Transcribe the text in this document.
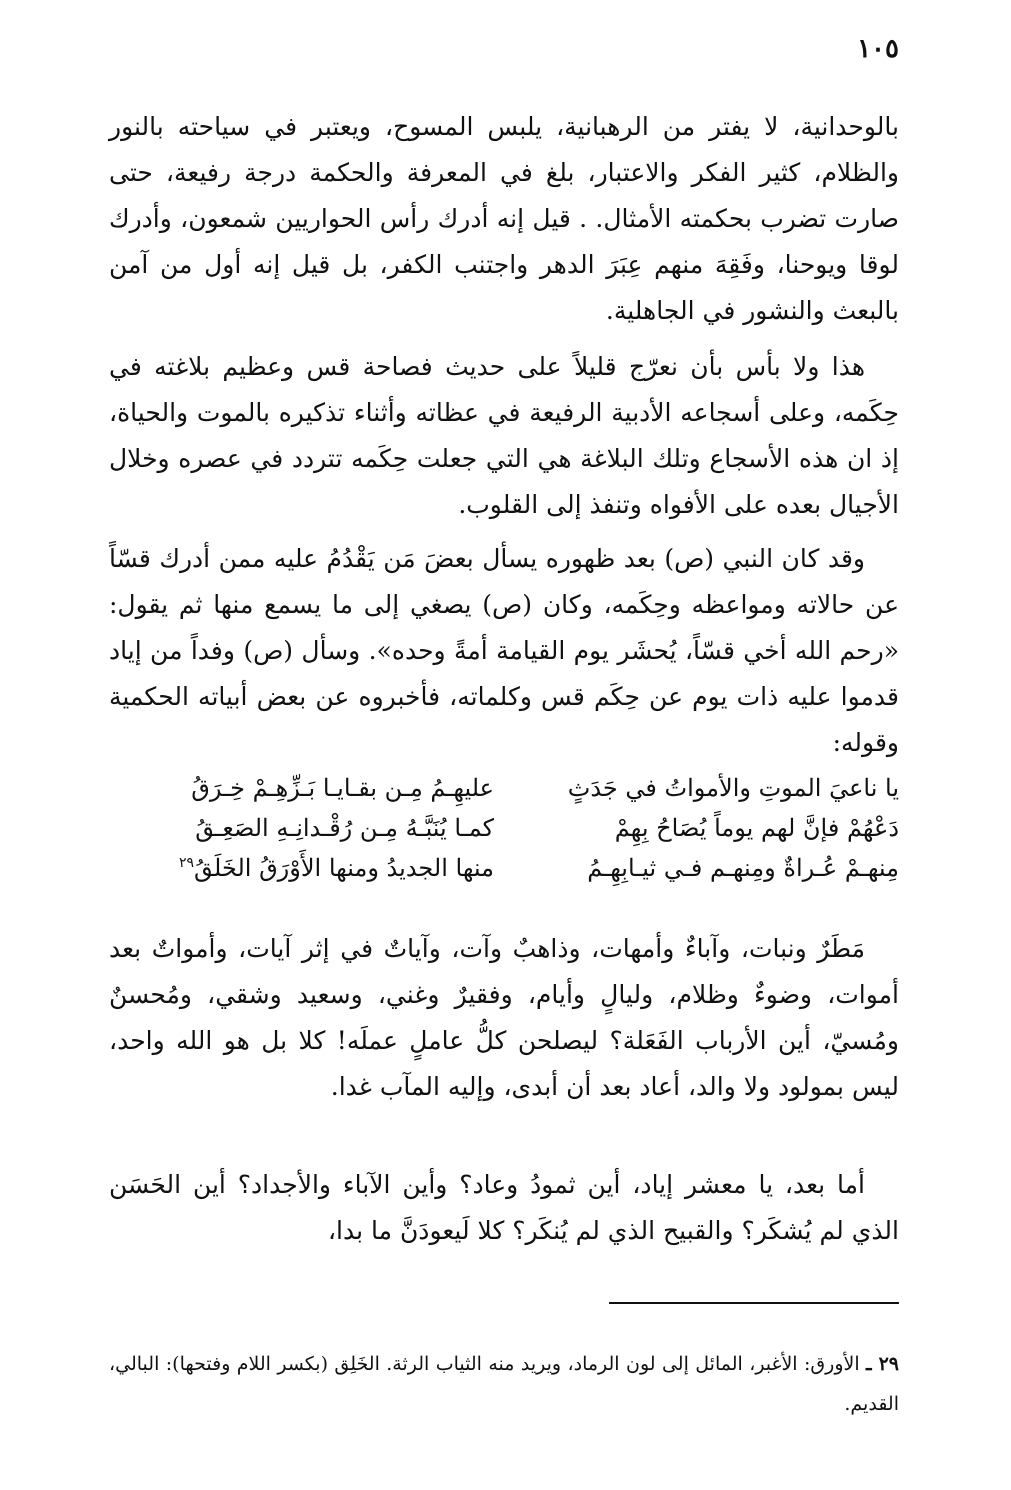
١٠٥

بالوحدانية، لا يفتر من الرهبانية، يلبس المسوح، ويعتبر في سياحته بالنور والظلام، كثير الفكر والاعتبار، بلغ في المعرفة والحكمة درجة رفيعة، حتى صارت تضرب بحكمته الأمثال. . قيل إنه أدرك رأس الحواريين شمعون، وأدرك لوقا ويوحنا، وفَقِهَ منهم عِبَرَ الدهر واجتنب الكفر، بل قيل إنه أول من آمن بالبعث والنشور في الجاهلية.

هذا ولا بأس بأن نعرّج قليلاً على حديث فصاحة قس وعظيم بلاغته في حِكَمه، وعلى أسجاعه الأدبية الرفيعة في عظاته وأثناء تذكيره بالموت والحياة، إذ ان هذه الأسجاع وتلك البلاغة هي التي جعلت حِكَمه تتردد في عصره وخلال الأجيال بعده على الأفواه وتنفذ إلى القلوب.

وقد كان النبي (ص) بعد ظهوره يسأل بعضَ مَن يَقْدُمُ عليه ممن أدرك قسّاً عن حالاته ومواعظه وحِكَمه، وكان (ص) يصغي إلى ما يسمع منها ثم يقول: «رحم الله أخي قسّاً، يُحشَر يوم القيامة أمةً وحده». وسأل (ص) وفداً من إياد قدموا عليه ذات يوم عن حِكَم قس وكلماته، فأخبروه عن بعض أبياته الحكمية وقوله:

يا ناعيَ الموتِ والأمواتُ في جَدَثٍ
عليهِـمُ مِـن بقـايـا بَـزِّهِـمْ خِـرَقُ
دَعْهُمْ فإنَّ لهم يوماً يُصَاحُ بِهِمْ
كمـا يُنَبَّـهُ مِـن رُقْـدانِـهِ الصَعِـقُ
مِنهـمْ عُـراةٌ ومِنهـم فـي ثيـابِهِـمُ
منها الجديدُ ومنها الأَوْرَقُ الخَلَقُ$^{٢٩}$

مَطَرٌ ونبات، وآباءٌ وأمهات، وذاهبٌ وآت، وآياتٌ في إثر آيات، وأمواتٌ بعد أموات، وضوءٌ وظلام، وليالٍ وأيام، وفقيرٌ وغني، وسعيد وشقي، ومُحسنٌ ومُسيّ، أين الأرباب الفَعَلة؟ ليصلحن كلُّ عاملٍ عملَه! كلا بل هو الله واحد، ليس بمولود ولا والد، أعاد بعد أن أبدى، وإليه المآب غدا.

أما بعد، يا معشر إياد، أين ثمودُ وعاد؟ وأين الآباء والأجداد؟ أين الحَسَن الذي لم يُشكَر؟ والقبيح الذي لم يُنكَر؟ كلا لَيعودَنَّ ما بدا،

٢٩ ـ الأورق: الأغبر، المائل إلى لون الرماد، ويريد منه الثياب الرثة. الخَلِق (بكسر اللام وفتحها): البالي، القديم.
